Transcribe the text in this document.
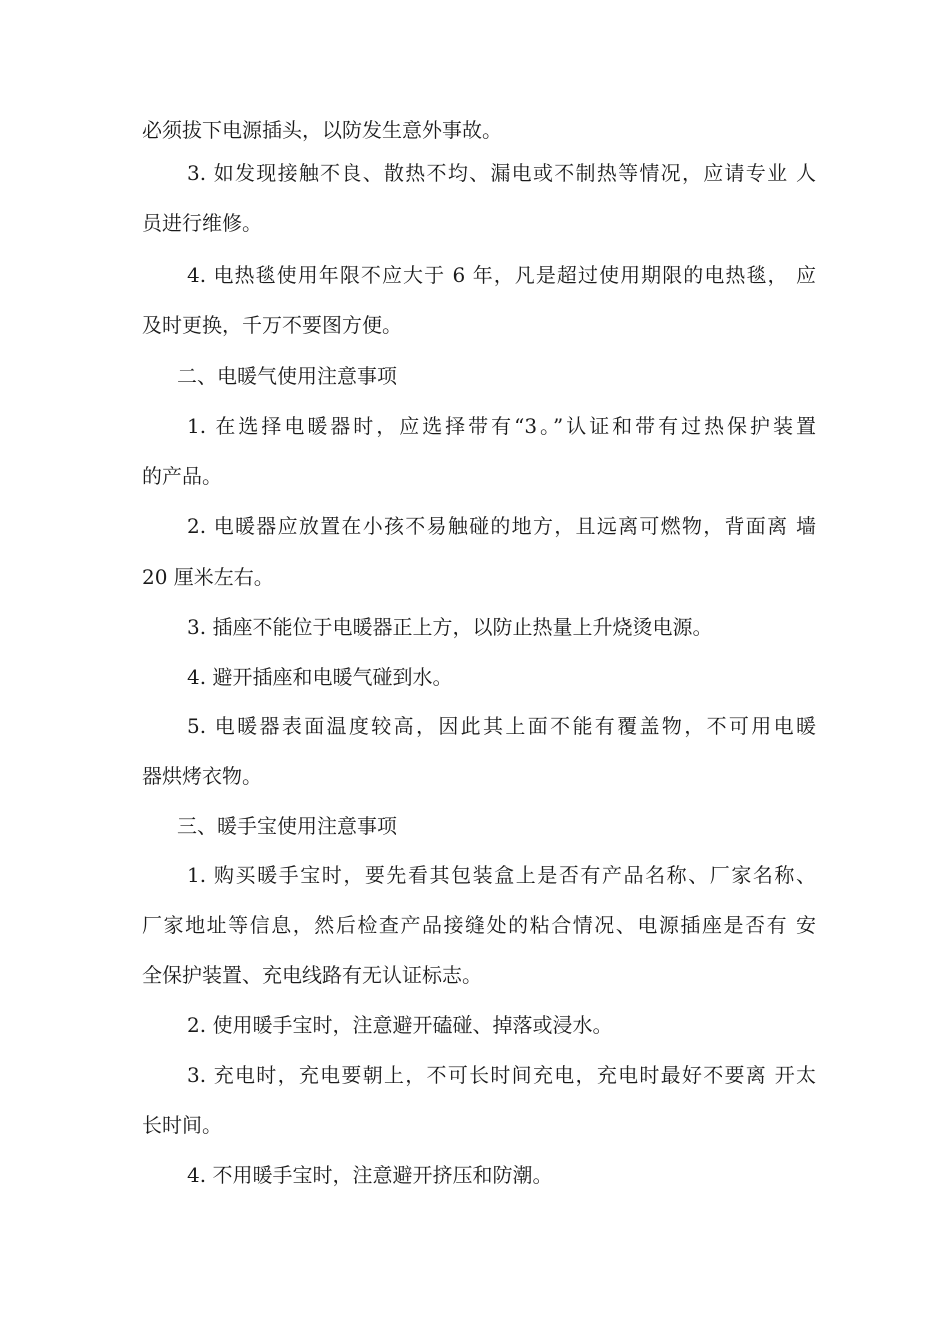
必须拔下电源插头，以防发生意外事故。
3. 如发现接触不良、散热不均、漏电或不制热等情况，应请专业 人
员进行维修。
4. 电热毯使用年限不应大于 6 年，凡是超过使用期限的电热毯， 应
及时更换，千万不要图方便。
二、电暖气使用注意事项
1. 在选择电暖器时，应选择带有“3。”认证和带有过热保护装置
的产品。
2. 电暖器应放置在小孩不易触碰的地方，且远离可燃物，背面离 墙
20 厘米左右。
3. 插座不能位于电暖器正上方，以防止热量上升烧烫电源。
4. 避开插座和电暖气碰到水。
5. 电暖器表面温度较高，因此其上面不能有覆盖物，不可用电暖
器烘烤衣物。
三、暖手宝使用注意事项
1. 购买暖手宝时，要先看其包装盒上是否有产品名称、厂家名称、
厂家地址等信息，然后检查产品接缝处的粘合情况、电源插座是否有 安
全保护装置、充电线路有无认证标志。
2. 使用暖手宝时，注意避开磕碰、掉落或浸水。
3. 充电时，充电要朝上，不可长时间充电，充电时最好不要离 开太
长时间。
4. 不用暖手宝时，注意避开挤压和防潮。
